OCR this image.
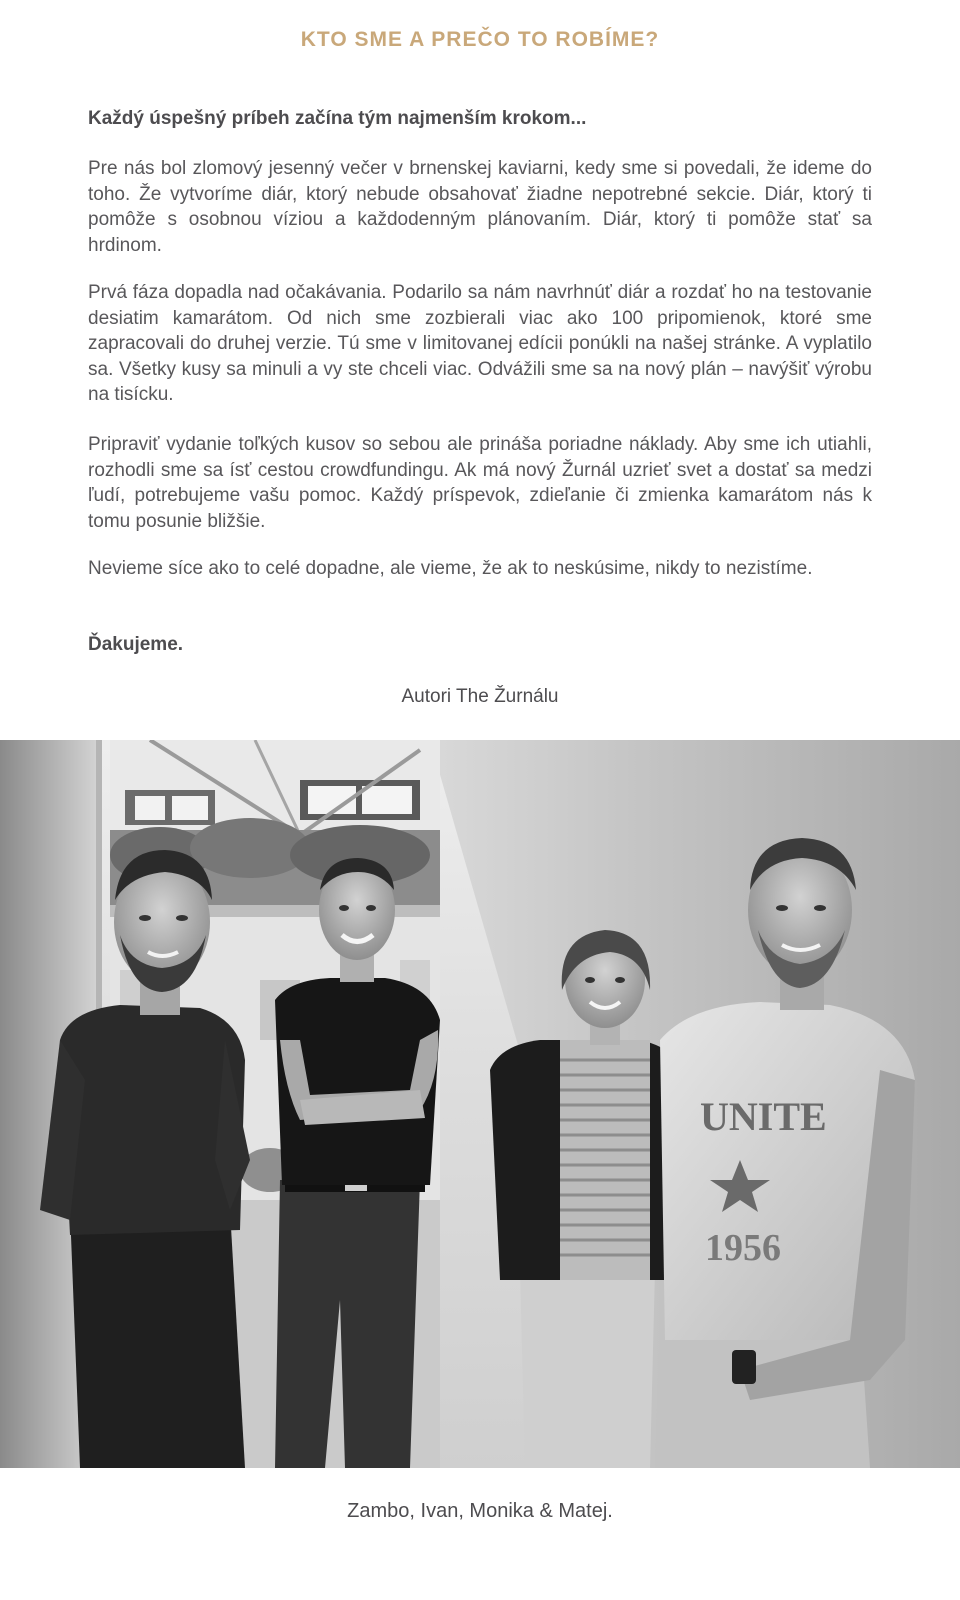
KTO SME A PREČO TO ROBÍME?
Každý úspešný príbeh začína tým najmenším krokom...
Pre nás bol zlomový jesenný večer v brnenskej kaviarni, kedy sme si povedali, že ideme do toho. Že vytvoríme diár, ktorý nebude obsahovať žiadne nepotrebné sekcie. Diár, ktorý ti pomôže s osobnou víziou a každodenným plánovaním. Diár, ktorý ti pomôže stať sa hrdinom.
Prvá fáza dopadla nad očakávania. Podarilo sa nám navrhnúť diár a rozdať ho na testovanie desiatim kamarátom. Od nich sme zozbierali viac ako 100 pripomienok, ktoré sme zapracovali do druhej verzie. Tú sme v limitovanej edícii ponúkli na našej stránke. A vyplatilo sa. Všetky kusy sa minuli a vy ste chceli viac. Odvážili sme sa na nový plán – navýšiť výrobu na tisícku.
Pripraviť vydanie toľkých kusov so sebou ale prináša poriadne náklady. Aby sme ich utiahli, rozhodli sme sa ísť cestou crowdfundingu. Ak má nový Žurnál uzrieť svet a dostať sa medzi ľudí, potrebujeme vašu pomoc. Každý príspevok, zdieľanie či zmienka kamarátom nás k tomu posunie bližšie.
Nevieme síce ako to celé dopadne, ale vieme, že ak to neskúsime, nikdy to nezistíme.
Ďakujeme.
Autori The Žurnálu
UNITE
1956
Zambo, Ivan, Monika & Matej.
